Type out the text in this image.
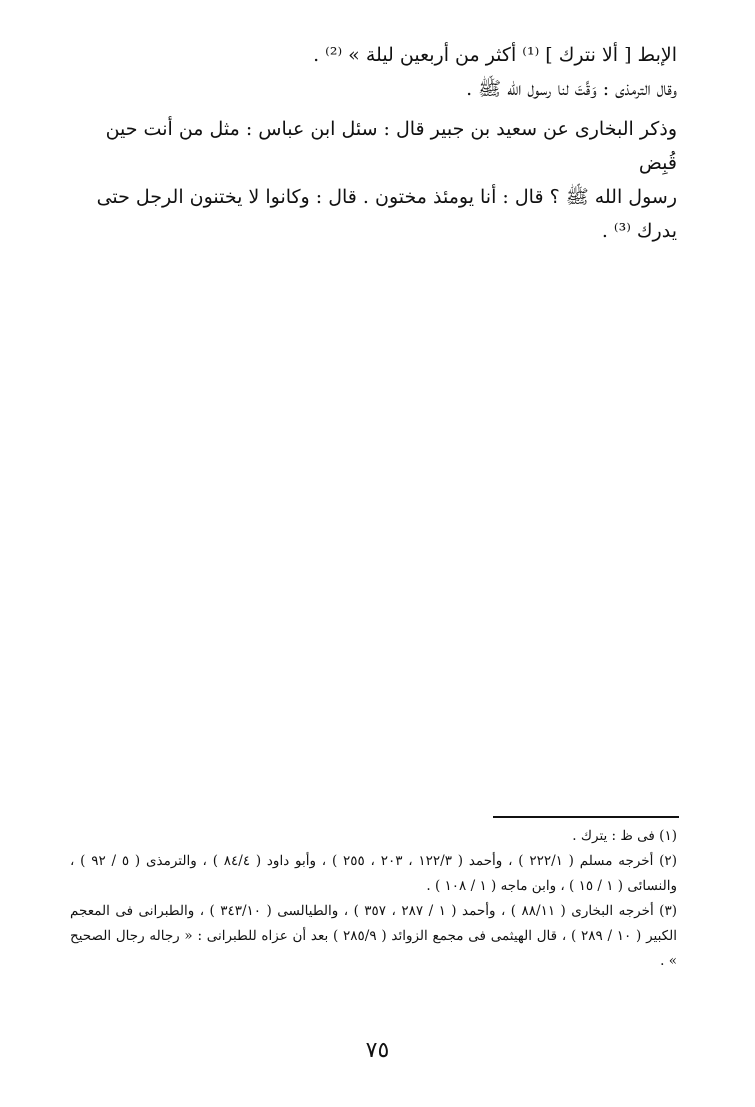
الإبط [ ألا نترك ] ⁽¹⁾ أكثر من أربعين ليلة » ⁽²⁾ .

وقال الترمذى : وَقَّتَ لنا رسول الله ﷺ .

وذكر البخارى عن سعيد بن جبير قال : سئل ابن عباس : مثل من أنت حين قُبِض

رسول الله ﷺ ؟ قال : أنا يومئذ مختون . قال : وكانوا لا يختنون الرجل حتى يدرك ⁽³⁾ .

(١) فى ظ : يترك .

(٢) أخرجه مسلم ( ٢٢٢/١ ) ، وأحمد ( ١٢٢/٣ ، ٢٠٣ ، ٢٥٥ ) ، وأبو داود ( ٨٤/٤ ) ، والترمذى ( ٥ / ٩٢ ) ، والنسائى ( ١ / ١٥ ) ، وابن ماجه ( ١ / ١٠٨ ) .

(٣) أخرجه البخارى ( ٨٨/١١ ) ، وأحمد ( ١ / ٢٨٧ ، ٣٥٧ ) ، والطيالسى ( ٣٤٣/١٠ ) ، والطبرانى فى المعجم الكبير ( ١٠ / ٢٨٩ ) ، قال الهيثمى فى مجمع الزوائد ( ٢٨٥/٩ ) بعد أن عزاه للطبرانى : « رجاله رجال الصحيح » .

٧٥
